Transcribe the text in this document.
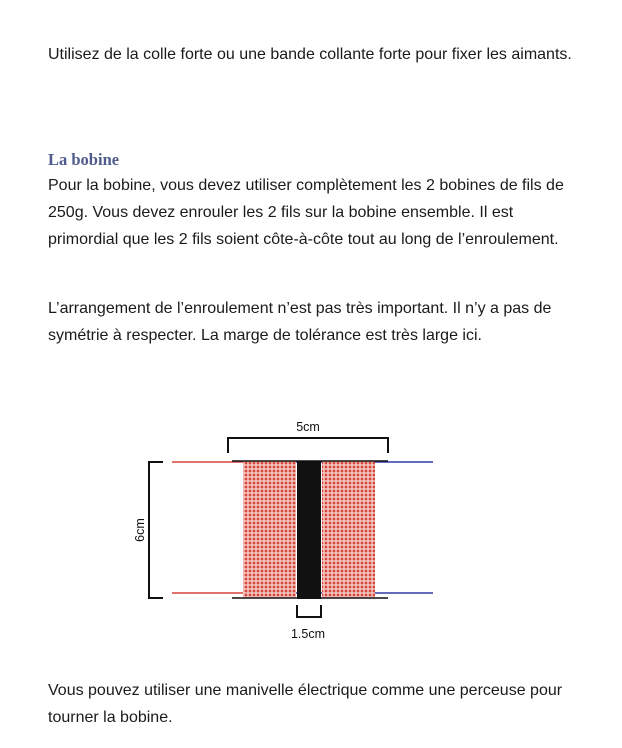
Utilisez de la colle forte ou une bande collante forte pour fixer les aimants.

La bobine

Pour la bobine, vous devez utiliser complètement les 2 bobines de fils de 250g. Vous devez enrouler les 2 fils sur la bobine ensemble. Il est primordial que les 2 fils soient côte-à-côte tout au long de l’enroulement.

L’arrangement de l’enroulement n’est pas très important. Il n’y a pas de symétrie à respecter. La marge de tolérance est très large ici.

5cm
6cm
1.5cm

Vous pouvez utiliser une manivelle électrique comme une perceuse pour tourner la bobine.
